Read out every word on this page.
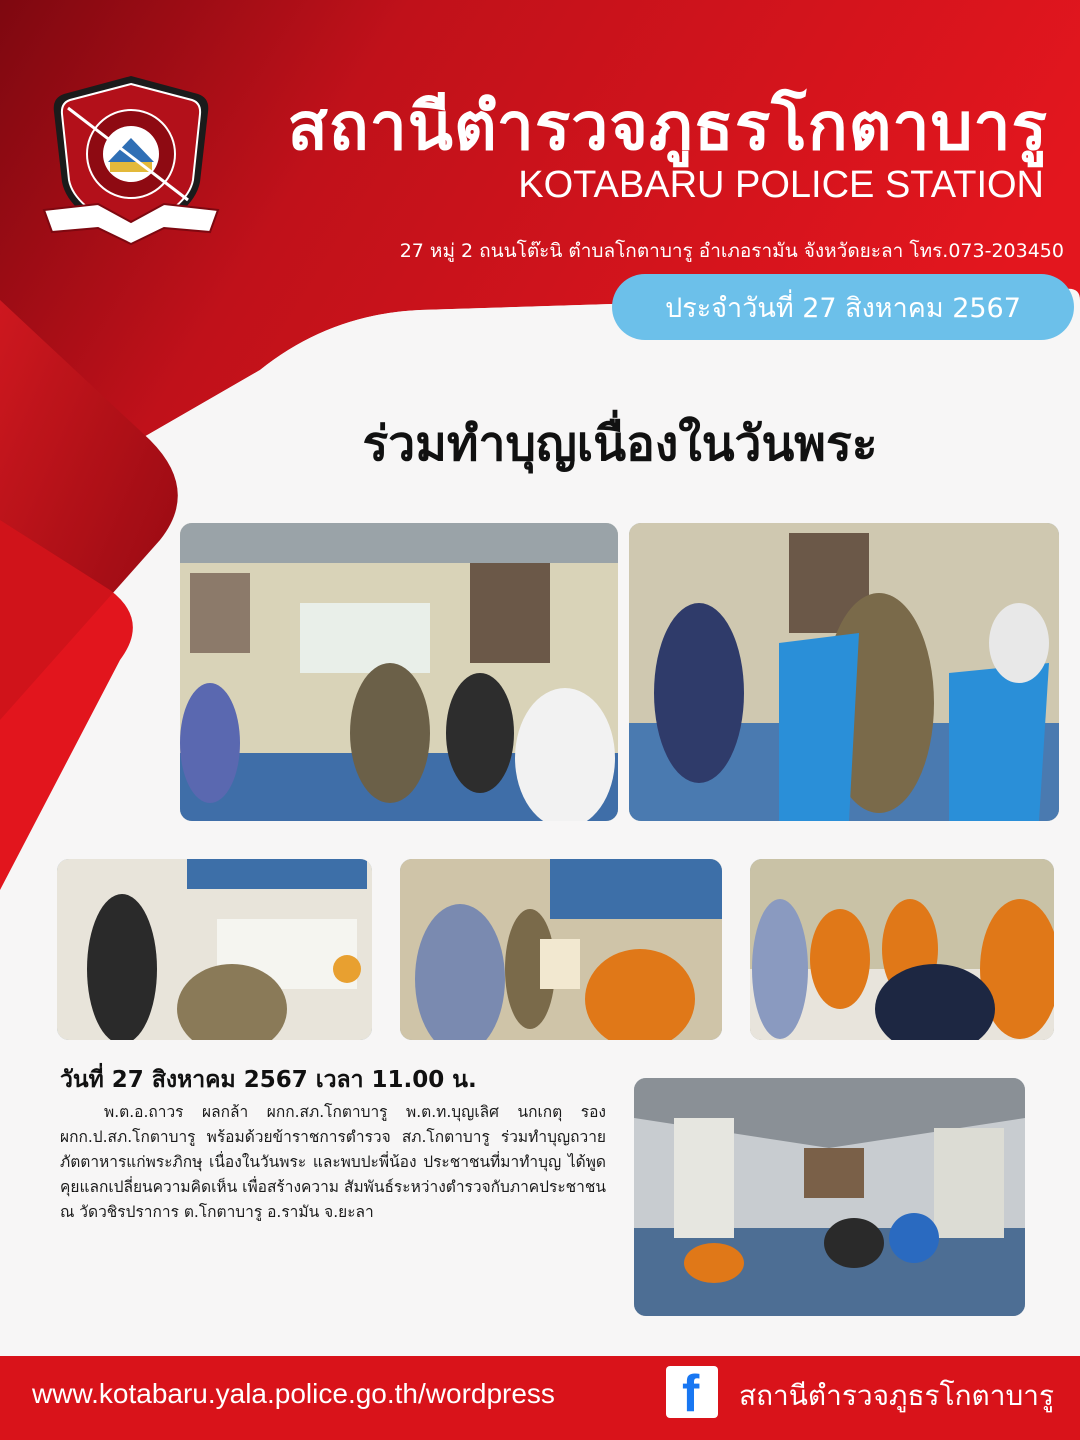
สถานีตำรวจภูธรโกตาบารู
KOTABARU POLICE STATION
27 หมู่ 2 ถนนโต๊ะนิ ตำบลโกตาบารู อำเภอรามัน จังหวัดยะลา โทร.073-203450
ประจำวันที่ 27 สิงหาคม 2567
ร่วมทำบุญเนื่องในวันพระ
วันที่ 27 สิงหาคม 2567 เวลา 11.00 น.
พ.ต.อ.ถาวร ผลกล้า ผกก.สภ.โกตาบารู พ.ต.ท.บุญเลิศ นกเกตุ รอง ผกก.ป.สภ.โกตาบารู พร้อมด้วยข้าราชการตำรวจ สภ.โกตาบารู ร่วมทำบุญถวายภัตตาหารแก่พระภิกษุ เนื่องในวันพระ และพบปะพี่น้อง ประชาชนที่มาทำบุญ ได้พูดคุยแลกเปลี่ยนความคิดเห็น เพื่อสร้างความ สัมพันธ์ระหว่างตำรวจกับภาคประชาชน ณ วัดวชิรปราการ ต.โกตาบารู อ.รามัน จ.ยะลา
www.kotabaru.yala.police.go.th/wordpress f สถานีตำรวจภูธรโกตาบารู
